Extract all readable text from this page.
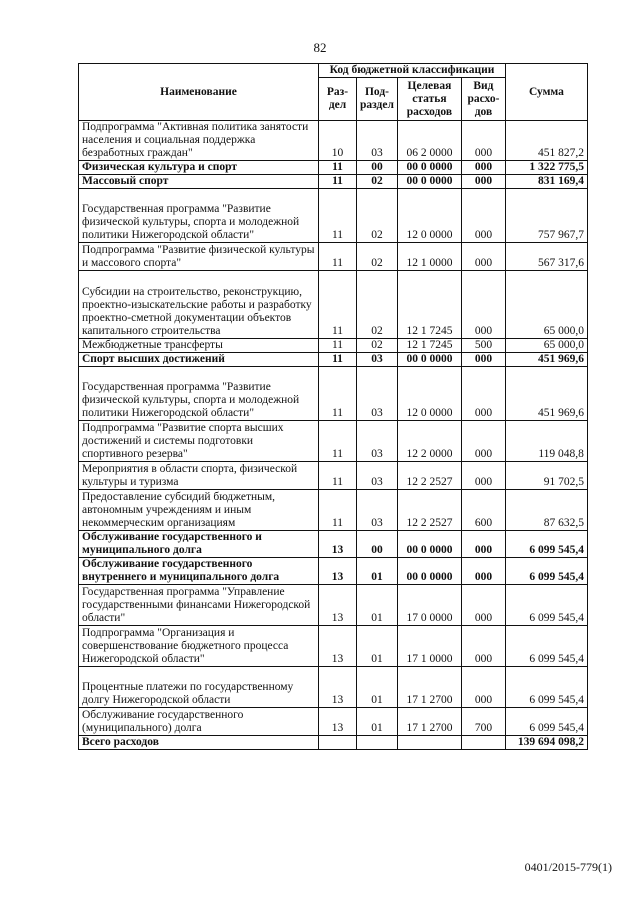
82
Наименование	Код бюджетной классификации				Сумма
	Раз-дел	Под-раздел	Целевая статья расходов	Вид расхо-дов	
Подпрограмма "Активная политика занятости населения и социальная поддержка безработных граждан"	10	03	06 2 0000	000	451 827,2
Физическая культура и спорт	11	00	00 0 0000	000	1 322 775,5
Массовый спорт	11	02	00 0 0000	000	831 169,4
Государственная программа "Развитие физической культуры, спорта и молодежной политики Нижегородской области"	11	02	12 0 0000	000	757 967,7
Подпрограмма "Развитие физической культуры и массового спорта"	11	02	12 1 0000	000	567 317,6
Субсидии на строительство, реконструкцию, проектно-изыскательские работы и разработку проектно-сметной документации объектов капитального строительства	11	02	12 1 7245	000	65 000,0
Межбюджетные трансферты	11	02	12 1 7245	500	65 000,0
Спорт высших достижений	11	03	00 0 0000	000	451 969,6
Государственная программа "Развитие физической культуры, спорта и молодежной политики Нижегородской области"	11	03	12 0 0000	000	451 969,6
Подпрограмма "Развитие спорта высших достижений и системы подготовки спортивного резерва"	11	03	12 2 0000	000	119 048,8
Мероприятия в области спорта, физической культуры и туризма	11	03	12 2 2527	000	91 702,5
Предоставление субсидий бюджетным, автономным учреждениям и иным некоммерческим организациям	11	03	12 2 2527	600	87 632,5
Обслуживание государственного и муниципального долга	13	00	00 0 0000	000	6 099 545,4
Обслуживание государственного внутреннего и муниципального долга	13	01	00 0 0000	000	6 099 545,4
Государственная программа "Управление государственными финансами Нижегородской области"	13	01	17 0 0000	000	6 099 545,4
Подпрограмма "Организация и совершенствование бюджетного процесса Нижегородской области"	13	01	17 1 0000	000	6 099 545,4
Процентные платежи по государственному долгу Нижегородской области	13	01	17 1 2700	000	6 099 545,4
Обслуживание государственного (муниципального) долга	13	01	17 1 2700	700	6 099 545,4
Всего расходов					139 694 098,2
0401/2015-779(1)
